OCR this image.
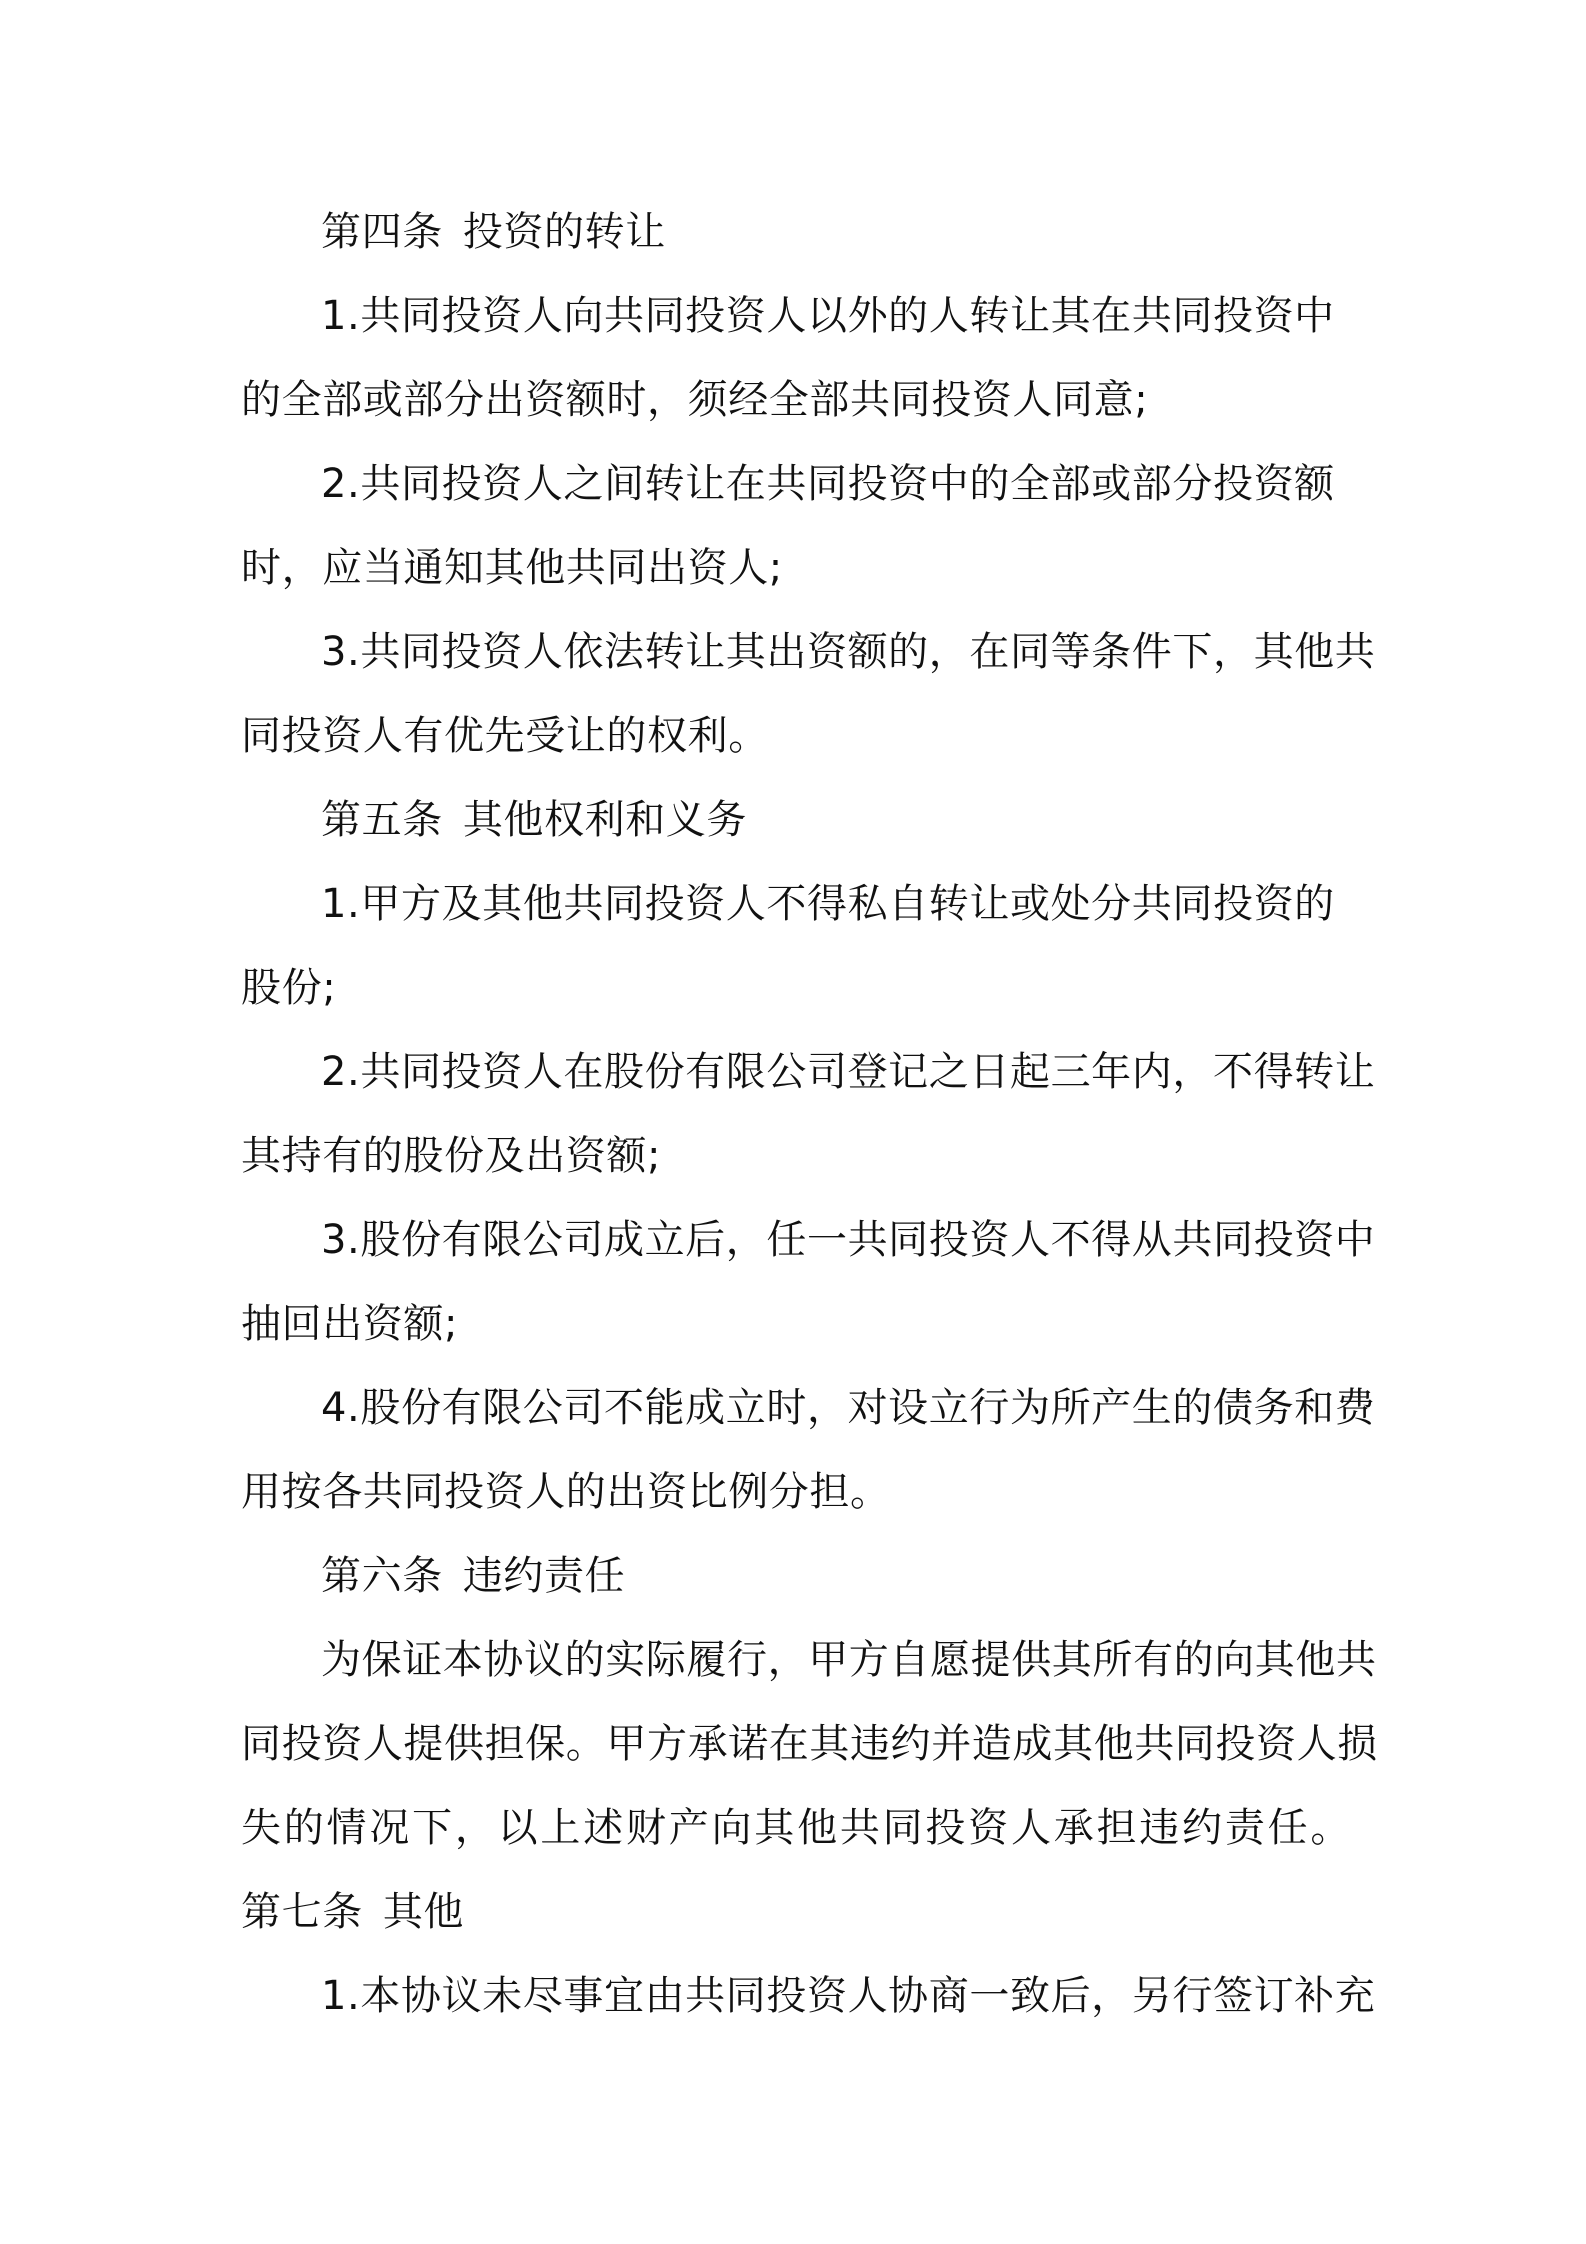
第四条 投资的转让
1.共同投资人向共同投资人以外的人转让其在共同投资中
的全部或部分出资额时，须经全部共同投资人同意;
2.共同投资人之间转让在共同投资中的全部或部分投资额
时，应当通知其他共同出资人;
3.共同投资人依法转让其出资额的，在同等条件下，其他共
同投资人有优先受让的权利。
第五条 其他权利和义务
1.甲方及其他共同投资人不得私自转让或处分共同投资的
股份;
2.共同投资人在股份有限公司登记之日起三年内，不得转让
其持有的股份及出资额;
3.股份有限公司成立后，任一共同投资人不得从共同投资中
抽回出资额;
4.股份有限公司不能成立时，对设立行为所产生的债务和费
用按各共同投资人的出资比例分担。
第六条 违约责任
为保证本协议的实际履行，甲方自愿提供其所有的向其他共
同投资人提供担保。甲方承诺在其违约并造成其他共同投资人损
失的情况下，以上述财产向其他共同投资人承担违约责任。
第七条 其他
1.本协议未尽事宜由共同投资人协商一致后，另行签订补充
